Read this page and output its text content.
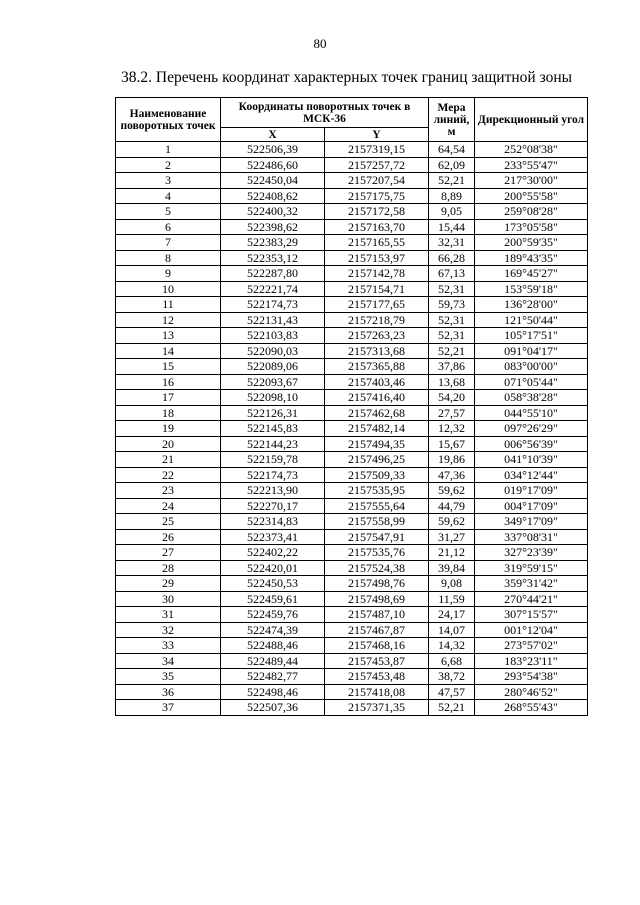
80
38.2. Перечень координат характерных точек границ защитной зоны
Наименование поворотных точек	Координаты поворотных точек в МСК-36		Мера линий, м	Дирекционный угол
	X	Y		
1	522506,39	2157319,15	64,54	252°08'38"
2	522486,60	2157257,72	62,09	233°55'47"
3	522450,04	2157207,54	52,21	217°30'00"
4	522408,62	2157175,75	8,89	200°55'58"
5	522400,32	2157172,58	9,05	259°08'28"
6	522398,62	2157163,70	15,44	173°05'58"
7	522383,29	2157165,55	32,31	200°59'35"
8	522353,12	2157153,97	66,28	189°43'35"
9	522287,80	2157142,78	67,13	169°45'27"
10	522221,74	2157154,71	52,31	153°59'18"
11	522174,73	2157177,65	59,73	136°28'00"
12	522131,43	2157218,79	52,31	121°50'44"
13	522103,83	2157263,23	52,31	105°17'51"
14	522090,03	2157313,68	52,21	091°04'17"
15	522089,06	2157365,88	37,86	083°00'00"
16	522093,67	2157403,46	13,68	071°05'44"
17	522098,10	2157416,40	54,20	058°38'28"
18	522126,31	2157462,68	27,57	044°55'10"
19	522145,83	2157482,14	12,32	097°26'29"
20	522144,23	2157494,35	15,67	006°56'39"
21	522159,78	2157496,25	19,86	041°10'39"
22	522174,73	2157509,33	47,36	034°12'44"
23	522213,90	2157535,95	59,62	019°17'09"
24	522270,17	2157555,64	44,79	004°17'09"
25	522314,83	2157558,99	59,62	349°17'09"
26	522373,41	2157547,91	31,27	337°08'31"
27	522402,22	2157535,76	21,12	327°23'39"
28	522420,01	2157524,38	39,84	319°59'15"
29	522450,53	2157498,76	9,08	359°31'42"
30	522459,61	2157498,69	11,59	270°44'21"
31	522459,76	2157487,10	24,17	307°15'57"
32	522474,39	2157467,87	14,07	001°12'04"
33	522488,46	2157468,16	14,32	273°57'02"
34	522489,44	2157453,87	6,68	183°23'11"
35	522482,77	2157453,48	38,72	293°54'38"
36	522498,46	2157418,08	47,57	280°46'52"
37	522507,36	2157371,35	52,21	268°55'43"
